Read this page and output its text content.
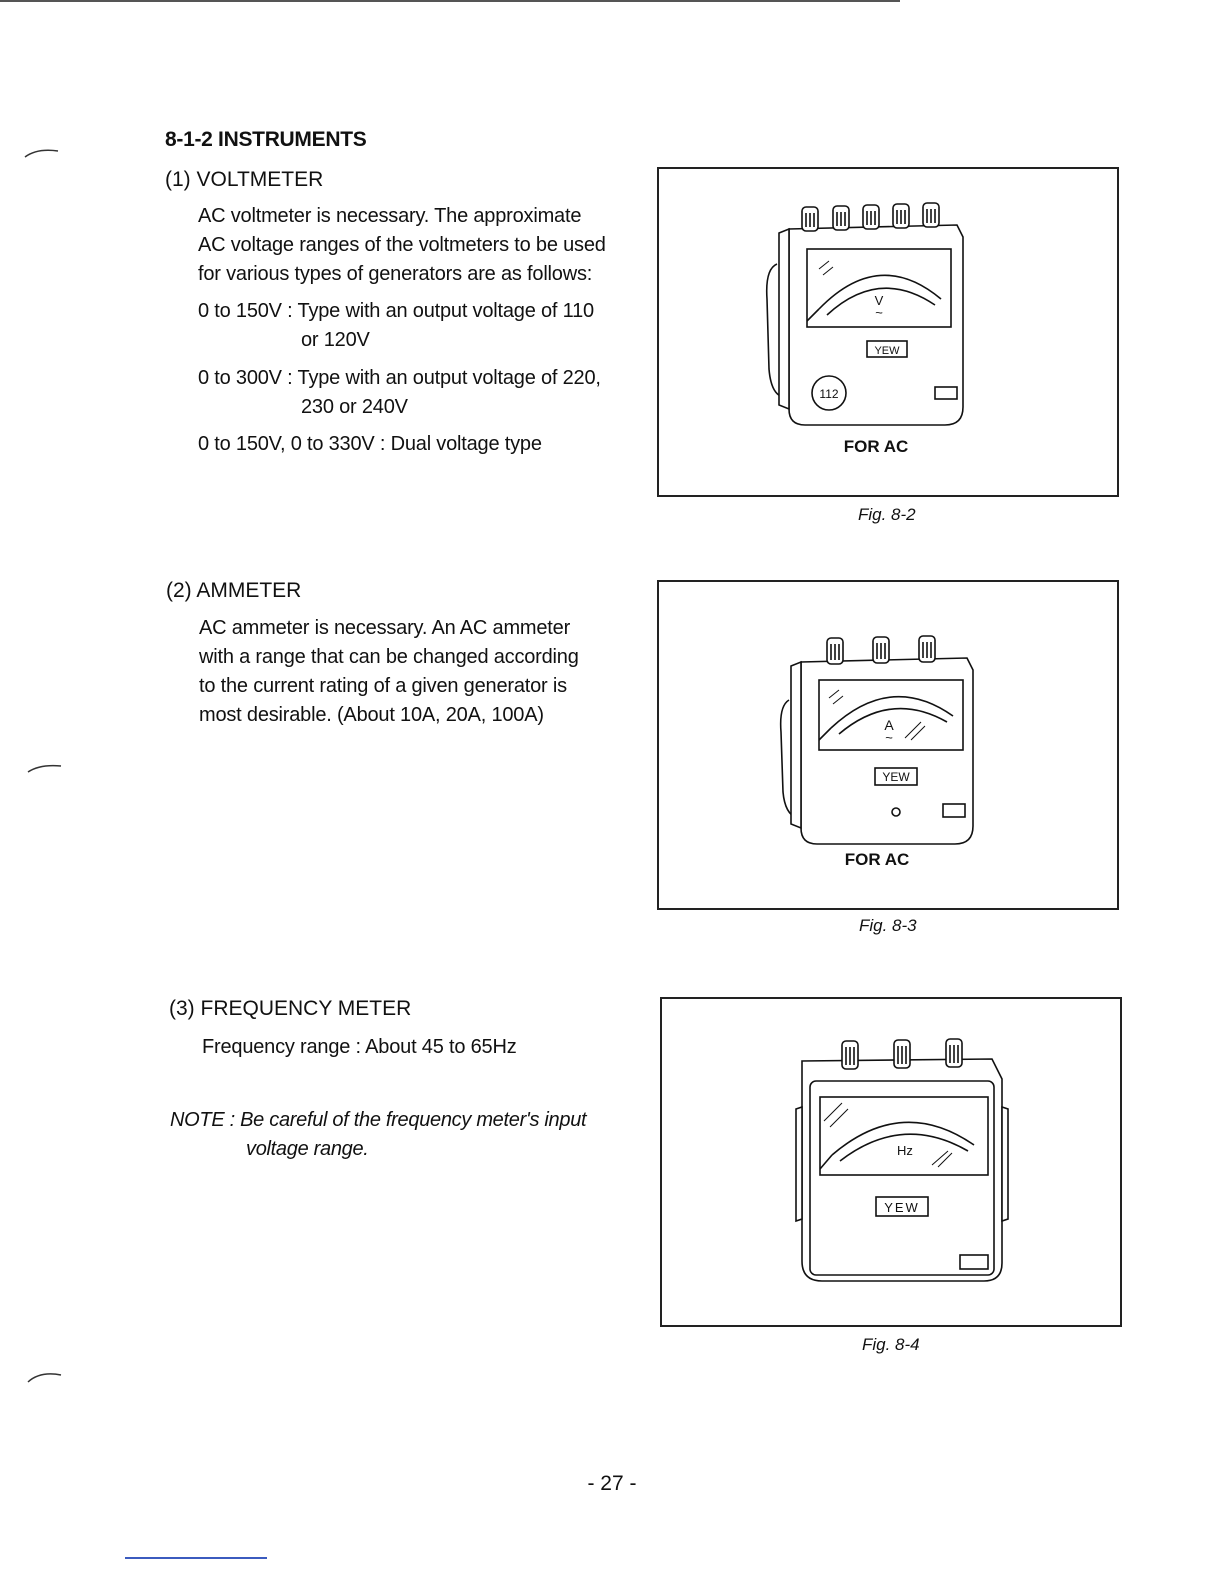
8-1-2 INSTRUMENTS
(1) VOLTMETER
AC voltmeter is necessary. The approximate
AC voltage ranges of the voltmeters to be used
for various types of generators are as follows:
0 to 150V : Type with an output voltage of 110
or 120V
0 to 300V : Type with an output voltage of 220,
230 or 240V
0 to 150V, 0 to 330V : Dual voltage type
(2) AMMETER
AC ammeter is necessary. An AC ammeter
with a range that can be changed according
to the current rating of a given generator is
most desirable. (About 10A, 20A, 100A)
(3) FREQUENCY METER
Frequency range : About 45 to 65Hz
NOTE : Be careful of the frequency meter's input
voltage range.
V
~
YEW
112
FOR AC
Fig. 8-2
A
~
YEW
FOR AC
Fig. 8-3
Hz
YEW
Fig. 8-4
- 27 -
